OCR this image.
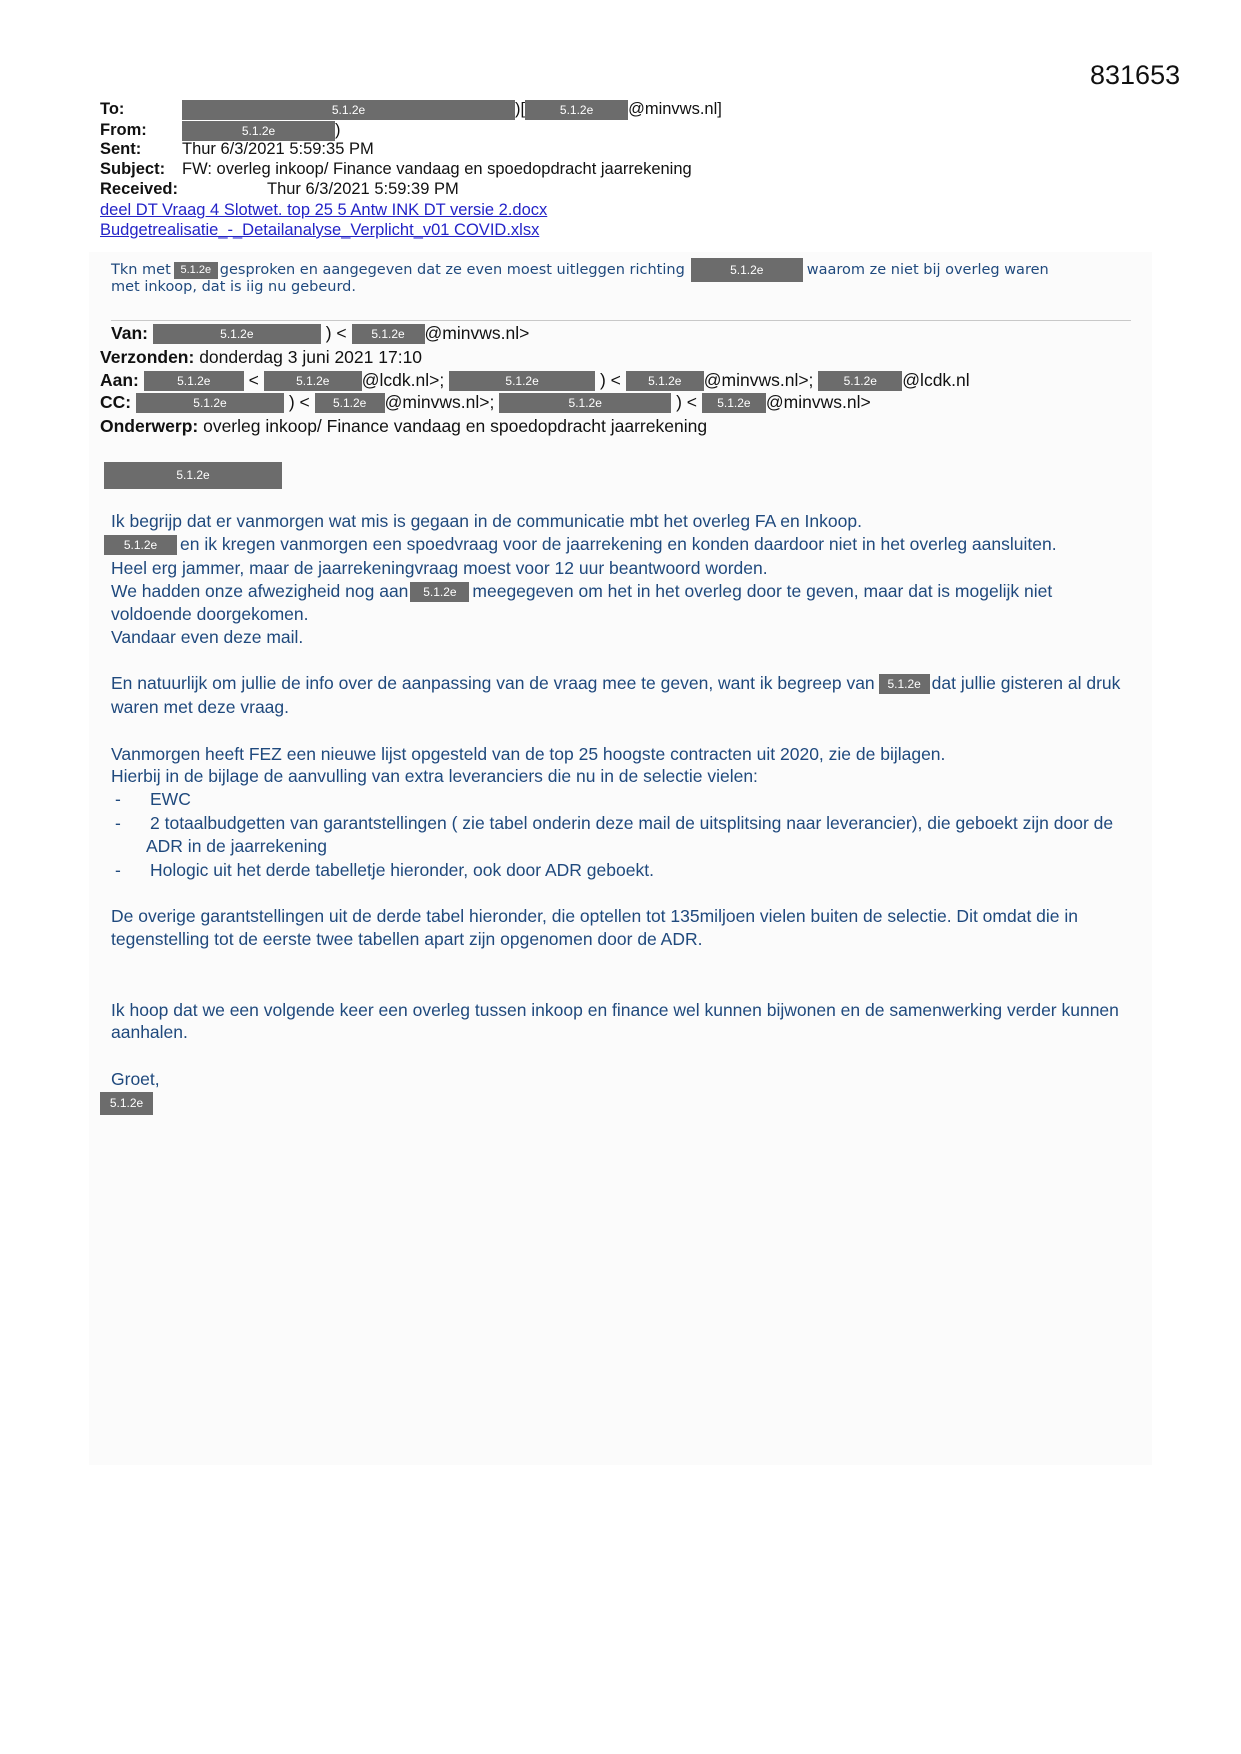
831653
To:	5.1.2e	)[	5.1.2e @minvws.nl]
From:	5.1.2e	)
Sent: Thur 6/3/2021 5:59:35 PM
Subject: FW: overleg inkoop/ Finance vandaag en spoedopdracht jaarrekening
Received:	Thur 6/3/2021 5:59:39 PM
deel DT Vraag 4 Slotwet. top 25 5 Antw INK DT versie 2.docx
Budgetrealisatie_-_Detailanalyse_Verplicht_v01 COVID.xlsx
Tkn met 5.1.2e gesproken en aangegeven dat ze even moest uitleggen richting	5.1.2e	waarom ze niet bij overleg waren
met inkoop, dat is iig nu gebeurd.
Van:	5.1.2e	) < 5.1.2e @minvws.nl>
Verzonden: donderdag 3 juni 2021 17:10
Aan:	5.1.2e <	5.1.2e @lcdk.nl>;	5.1.2e	) < 5.1.2e @minvws.nl>;	5.1.2e @lcdk.nl
CC:	5.1.2e	) < 5.1.2e @minvws.nl>;	5.1.2e	) < 5.1.2e @minvws.nl>
Onderwerp: overleg inkoop/ Finance vandaag en spoedopdracht jaarrekening
5.1.2e
Ik begrijp dat er vanmorgen wat mis is gegaan in de communicatie mbt het overleg FA en Inkoop.
5.1.2e en ik kregen vanmorgen een spoedvraag voor de jaarrekening en konden daardoor niet in het overleg aansluiten.
Heel erg jammer, maar de jaarrekeningvraag moest voor 12 uur beantwoord worden.
We hadden onze afwezigheid nog aan 5.1.2e meegegeven om het in het overleg door te geven, maar dat is mogelijk niet
voldoende doorgekomen.
Vandaar even deze mail.
En natuurlijk om jullie de info over de aanpassing van de vraag mee te geven, want ik begreep van 5.1.2e dat jullie gisteren al druk
waren met deze vraag.
Vanmorgen heeft FEZ een nieuwe lijst opgesteld van de top 25 hoogste contracten uit 2020, zie de bijlagen.
Hierbij in de bijlage de aanvulling van extra leveranciers die nu in de selectie vielen:
- EWC
- 2 totaalbudgetten van garantstellingen ( zie tabel onderin deze mail de uitsplitsing naar leverancier), die geboekt zijn door de
ADR in de jaarrekening
- Hologic uit het derde tabelletje hieronder, ook door ADR geboekt.
De overige garantstellingen uit de derde tabel hieronder, die optellen tot 135miljoen vielen buiten de selectie. Dit omdat die in
tegenstelling tot de eerste twee tabellen apart zijn opgenomen door de ADR.
Ik hoop dat we een volgende keer een overleg tussen inkoop en finance wel kunnen bijwonen en de samenwerking verder kunnen
aanhalen.
Groet,
5.1.2e
